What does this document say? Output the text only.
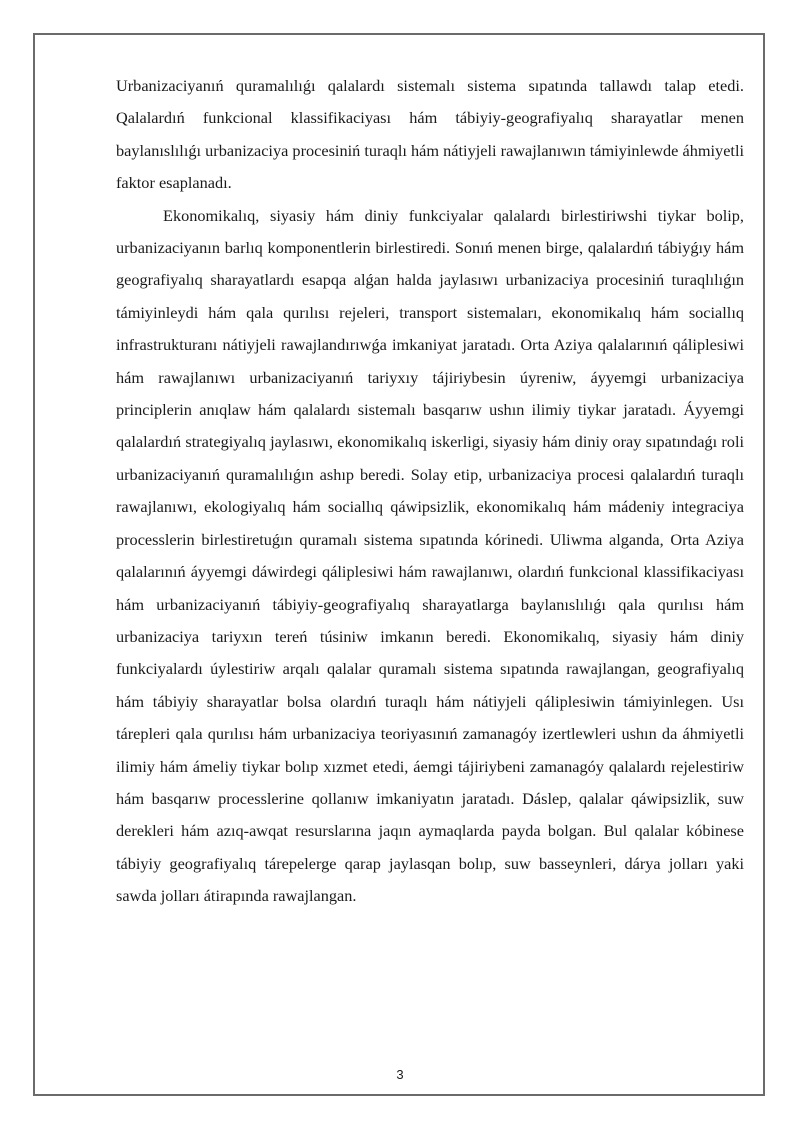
Urbanizaciyanıń quramalılıǵı qalalardı sistemalı sistema sıpatında tallawdı talap etedi. Qalalardıń funkcional klassifikaciyası hám tábiyiy-geografiyalıq sharayatlar menen baylanıslılıǵı urbanizaciya procesiniń turaqlı hám nátiyjeli rawajlanıwın támiyinlewde áhmiyetli faktor esaplanadı.

Ekonomikalıq, siyasiy hám diniy funkciyalar qalalardı birlestiriwshi tiykar bolip, urbanizaciyanın barlıq komponentlerin birlestiredi. Sonıń menen birge, qalalardıń tábiyǵıy hám geografiyalıq sharayatlardı esapqa alǵan halda jaylasıwı urbanizaciya procesiniń turaqlılıǵın támiyinleydi hám qala qurılısı rejeleri, transport sistemaları, ekonomikalıq hám sociallıq infrastrukturanı nátiyjeli rawajlandırıwǵa imkaniyat jaratadı. Orta Aziya qalalarınıń qáliplesiwi hám rawajlanıwı urbanizaciyanıń tariyxıy tájiriybesin úyreniw, áyyemgi urbanizaciya principlerin anıqlaw hám qalalardı sistemalı basqarıw ushın ilimiy tiykar jaratadı. Áyyemgi qalalardıń strategiyalıq jaylasıwı, ekonomikalıq iskerligi, siyasiy hám diniy oray sıpatındaǵı roli urbanizaciyanıń quramalılıǵın ashıp beredi. Solay etip, urbanizaciya procesi qalalardıń turaqlı rawajlanıwı, ekologiyalıq hám sociallıq qáwipsizlik, ekonomikalıq hám mádeniy integraciya processlerin birlestiretuǵın quramalı sistema sıpatında kórinedi. Uliwma alganda, Orta Aziya qalalarınıń áyyemgi dáwirdegi qáliplesiwi hám rawajlanıwı, olardıń funkcional klassifikaciyası hám urbanizaciyanıń tábiyiy-geografiyalıq sharayatlarga baylanıslılıǵı qala qurılısı hám urbanizaciya tariyxın tereń túsiniw imkanın beredi. Ekonomikalıq, siyasiy hám diniy funkciyalardı úylestiriw arqalı qalalar quramalı sistema sıpatında rawajlangan, geografiyalıq hám tábiyiy sharayatlar bolsa olardıń turaqlı hám nátiyjeli qáliplesiwin támiyinlegen. Usı tárepleri qala qurılısı hám urbanizaciya teoriyasınıń zamanagóy izertlewleri ushın da áhmiyetli ilimiy hám ámeliy tiykar bolıp xızmet etedi, áemgi tájiriybeni zamanagóy qalalardı rejelestiriw hám basqarıw processlerine qollanıw imkaniyatın jaratadı. Dáslep, qalalar qáwipsizlik, suw derekleri hám azıq-awqat resurslarına jaqın aymaqlarda payda bolgan. Bul qalalar kóbinese tábiyiy geografiyalıq tárepelerge qarap jaylasqan bolıp, suw basseynleri, dárya jolları yaki sawda jolları átirapında rawajlangan.

3
